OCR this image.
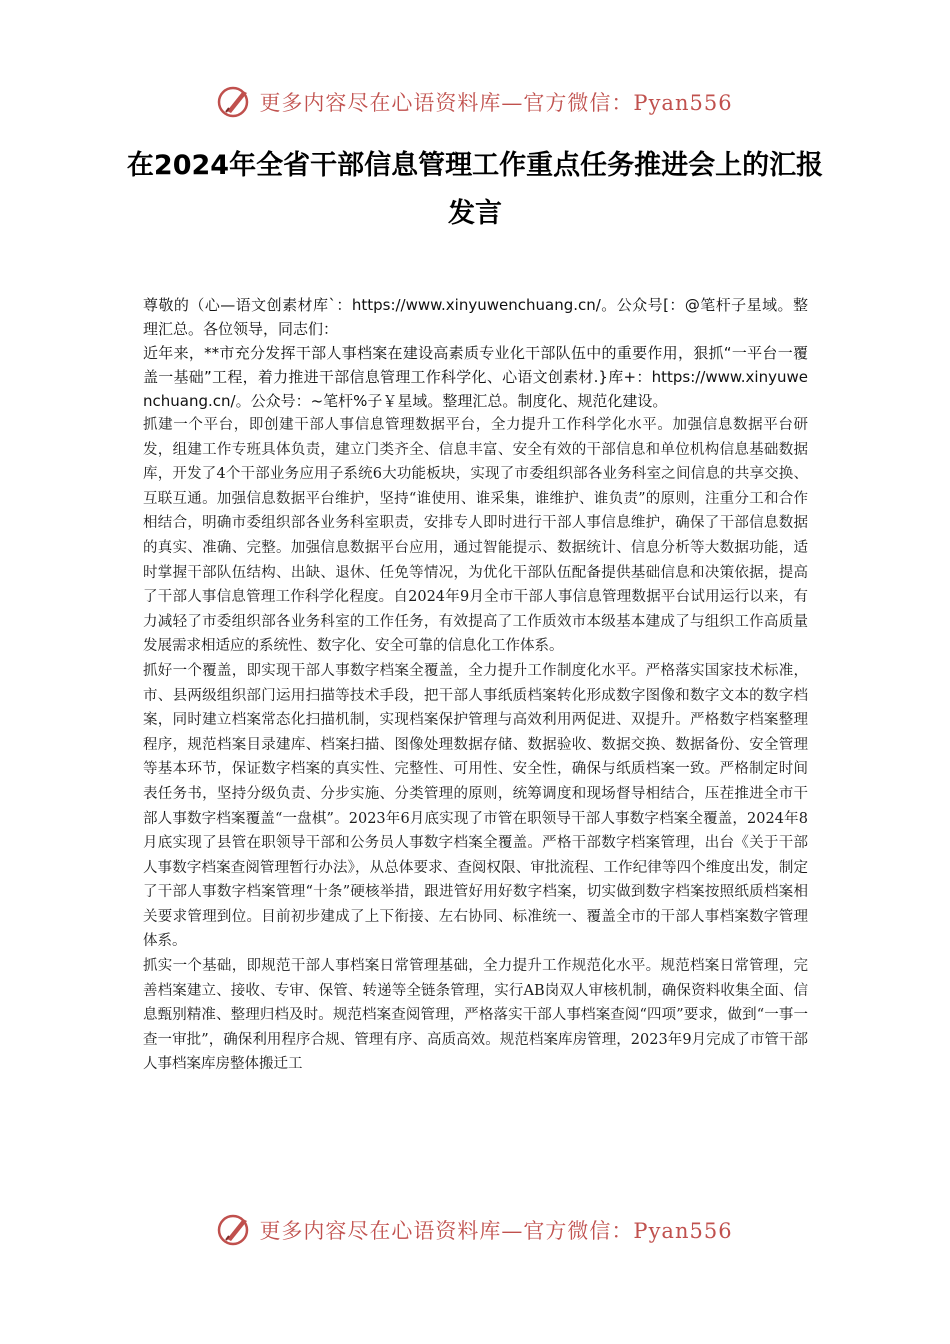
更多内容尽在心语资料库—官方微信：Pyan556
在2024年全省干部信息管理工作重点任务推进会上的汇报发言

尊敬的（心—语文创素材库`：https://www.xinyuwenchuang.cn/。公众号[：@笔杆子星域。整理汇总。各位领导，同志们：

近年来，**市充分发挥干部人事档案在建设高素质专业化干部队伍中的重要作用，狠抓“一平台一覆盖一基础”工程，着力推进干部信息管理工作科学化、心语文创素材.}库+：https://www.xinyuwenchuang.cn/。公众号：~笔杆%子￥星域。整理汇总。制度化、规范化建设。

抓建一个平台，即创建干部人事信息管理数据平台，全力提升工作科学化水平。加强信息数据平台研发，组建工作专班具体负责，建立门类齐全、信息丰富、安全有效的干部信息和单位机构信息基础数据库，开发了4个干部业务应用子系统6大功能板块，实现了市委组织部各业务科室之间信息的共享交换、互联互通。加强信息数据平台维护，坚持“谁使用、谁采集，谁维护、谁负责”的原则，注重分工和合作相结合，明确市委组织部各业务科室职责，安排专人即时进行干部人事信息维护，确保了干部信息数据的真实、准确、完整。加强信息数据平台应用，通过智能提示、数据统计、信息分析等大数据功能，适时掌握干部队伍结构、出缺、退休、任免等情况，为优化干部队伍配备提供基础信息和决策依据，提高了干部人事信息管理工作科学化程度。自2024年9月全市干部人事信息管理数据平台试用运行以来，有力减轻了市委组织部各业务科室的工作任务，有效提高了工作质效市本级基本建成了与组织工作高质量发展需求相适应的系统性、数字化、安全可靠的信息化工作体系。

抓好一个覆盖，即实现干部人事数字档案全覆盖，全力提升工作制度化水平。严格落实国家技术标准，市、县两级组织部门运用扫描等技术手段，把干部人事纸质档案转化形成数字图像和数字文本的数字档案，同时建立档案常态化扫描机制，实现档案保护管理与高效利用两促进、双提升。严格数字档案整理程序，规范档案目录建库、档案扫描、图像处理数据存储、数据验收、数据交换、数据备份、安全管理等基本环节，保证数字档案的真实性、完整性、可用性、安全性，确保与纸质档案一致。严格制定时间表任务书，坚持分级负责、分步实施、分类管理的原则，统筹调度和现场督导相结合，压茬推进全市干部人事数字档案覆盖“一盘棋”。2023年6月底实现了市管在职领导干部人事数字档案全覆盖，2024年8月底实现了县管在职领导干部和公务员人事数字档案全覆盖。严格干部数字档案管理，出台《关于干部人事数字档案查阅管理暂行办法》，从总体要求、查阅权限、审批流程、工作纪律等四个维度出发，制定了干部人事数字档案管理“十条”硬核举措，跟进管好用好数字档案，切实做到数字档案按照纸质档案相关要求管理到位。目前初步建成了上下衔接、左右协同、标准统一、覆盖全市的干部人事档案数字管理体系。

抓实一个基础，即规范干部人事档案日常管理基础，全力提升工作规范化水平。规范档案日常管理，完善档案建立、接收、专审、保管、转递等全链条管理，实行AB岗双人审核机制，确保资料收集全面、信息甄别精准、整理归档及时。规范档案查阅管理，严格落实干部人事档案查阅“四项”要求，做到“一事一查一审批”，确保利用程序合规、管理有序、高质高效。规范档案库房管理，2023年9月完成了市管干部人事档案库房整体搬迁工

更多内容尽在心语资料库—官方微信：Pyan556
